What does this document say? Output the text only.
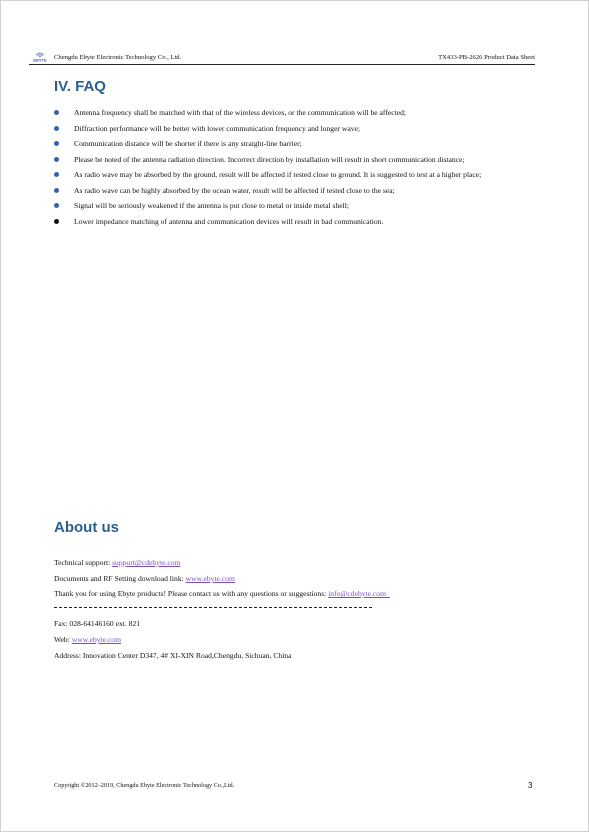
EBYTE Chengdu Ebyte Electronic Technology Co., Ltd.	TX433-PB-2626 Product Data Sheet
IV. FAQ
Antenna frequency shall be matched with that of the wireless devices, or the communication will be affected;
Diffraction performance will be better with lower communication frequency and longer wave;
Communication distance will be shorter if there is any straight-line barrier;
Please be noted of the antenna radiation direction. Incorrect direction by installation will result in short communication distance;
As radio wave may be absorbed by the ground, result will be affected if tested close to ground. It is suggested to test at a higher place;
As radio wave can be highly absorbed by the ocean water, result will be affected if tested close to the sea;
Signal will be seriously weakened if the antenna is put close to metal or inside metal shell;
Lower impedance matching of antenna and communication devices will result in bad communication.
About us
Technical support: support@cdebyte.com
Documents and RF Setting download link: www.ebyte.com
Thank you for using Ebyte products! Please contact us with any questions or suggestions: info@cdebyte.com
Fax: 028-64146160 ext. 821
Web: www.ebyte.com
Address: Innovation Center D347, 4# XI-XIN Road,Chengdu, Sichuan, China
Copyright ©2012–2019, Chengdu Ebyte Electronic Technology Co.,Ltd.	3
